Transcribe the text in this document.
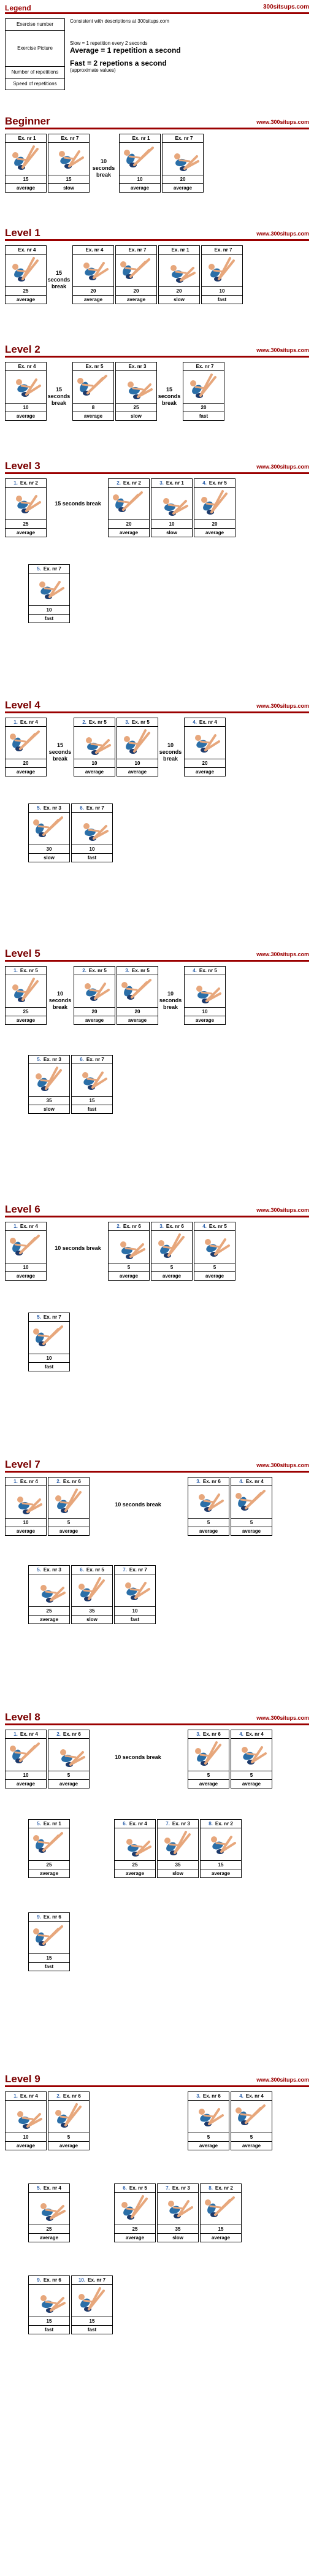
Legend	300sitsups.com
Exercise number
Exercise Picture
Number of repetitions
Speed of repetitions
Consistent with descriptions at 300situps.com
Slow = 1 repetition every 2 seconds
Average = 1 repetition a second
Fast = 2 repetions a second
(approximate values)
Beginner	www.300situps.com
Level 1	www.300situps.com
Level 2	www.300situps.com
Level 3	www.300situps.com
Level 4	www.300situps.com
Level 5	www.300situps.com
Level 6	www.300situps.com
Level 7	www.300situps.com
Level 8	www.300situps.com
Level 9	www.300situps.com
Ex. nr 1
15
average
Ex. nr 7
15
slow
10 seconds break
Ex. nr 1
10
average
Ex. nr 7
20
average
Ex. nr 4
25
average
15 seconds break
Ex. nr 4
20
average
Ex. nr 7
20
average
Ex. nr 1
20
slow
Ex. nr 7
10
fast
Ex. nr 4
10
average
15 seconds break
Ex. nr 5
8
average
Ex. nr 3
25
slow
15 seconds break
Ex. nr 7
20
fast
1. Ex. nr 2
25
average
15 seconds break
2. Ex. nr 2
20
average
3. Ex. nr 1
10
slow
4. Ex. nr 5
20
average
5. Ex. nr 7
10
fast
1. Ex. nr 4
20
average
15 seconds break
2. Ex. nr 5
10
average
3. Ex. nr 5
10
average
10 seconds break
4. Ex. nr 4
20
average
5. Ex. nr 3
30
slow
6. Ex. nr 7
10
fast
1. Ex. nr 5
25
average
10 seconds break
2. Ex. nr 5
20
average
3. Ex. nr 5
20
average
10 seconds break
4. Ex. nr 5
10
average
5. Ex. nr 3
35
slow
6. Ex. nr 7
15
fast
1. Ex. nr 4
10
average
10 seconds break
2. Ex. nr 6
5
average
3. Ex. nr 6
5
average
4. Ex. nr 5
5
average
5. Ex. nr 7
10
fast
1. Ex. nr 4
10
average
2. Ex. nr 6
5
average
10 seconds break
3. Ex. nr 6
5
average
4. Ex. nr 4
5
average
5. Ex. nr 3
25
average
6. Ex. nr 5
35
slow
7. Ex. nr 7
10
fast
1. Ex. nr 4
10
average
2. Ex. nr 6
5
average
10 seconds break
3. Ex. nr 6
5
average
4. Ex. nr 4
5
average
5. Ex. nr 1
25
average
6. Ex. nr 4
25
average
7. Ex. nr 3
35
slow
8. Ex. nr 2
15
average
9. Ex. nr 6
15
fast
1. Ex. nr 4
10
average
2. Ex. nr 6
5
average
3. Ex. nr 6
5
average
4. Ex. nr 4
5
average
5. Ex. nr 4
25
average
6. Ex. nr 5
25
average
7. Ex. nr 3
35
slow
8. Ex. nr 2
15
average
9. Ex. nr 6
15
fast
10. Ex. nr 7
15
fast
